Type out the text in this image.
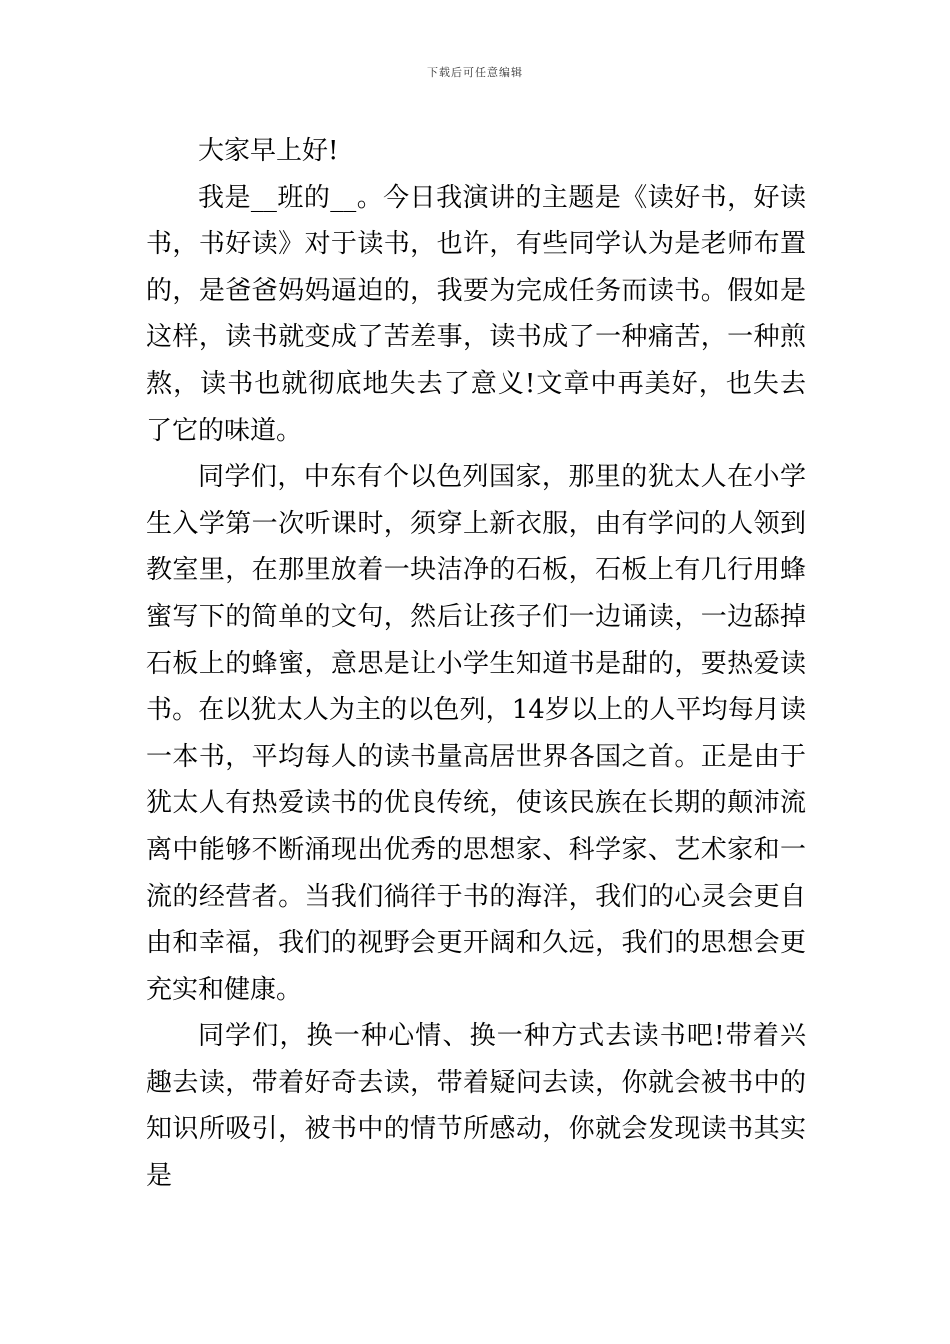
下载后可任意编辑

大家早上好!

我是__班的__。今日我演讲的主题是《读好书，好读书，书好读》对于读书，也许，有些同学认为是老师布置的，是爸爸妈妈逼迫的，我要为完成任务而读书。假如是这样，读书就变成了苦差事，读书成了一种痛苦，一种煎熬，读书也就彻底地失去了意义!文章中再美好，也失去了它的味道。

同学们，中东有个以色列国家，那里的犹太人在小学生入学第一次听课时，须穿上新衣服，由有学问的人领到教室里，在那里放着一块洁净的石板，石板上有几行用蜂蜜写下的简单的文句，然后让孩子们一边诵读，一边舔掉石板上的蜂蜜，意思是让小学生知道书是甜的，要热爱读书。在以犹太人为主的以色列，14岁以上的人平均每月读一本书，平均每人的读书量高居世界各国之首。正是由于犹太人有热爱读书的优良传统，使该民族在长期的颠沛流离中能够不断涌现出优秀的思想家、科学家、艺术家和一流的经营者。当我们徜徉于书的海洋，我们的心灵会更自由和幸福，我们的视野会更开阔和久远，我们的思想会更充实和健康。

同学们，换一种心情、换一种方式去读书吧!带着兴趣去读，带着好奇去读，带着疑问去读，你就会被书中的知识所吸引，被书中的情节所感动，你就会发现读书其实是
